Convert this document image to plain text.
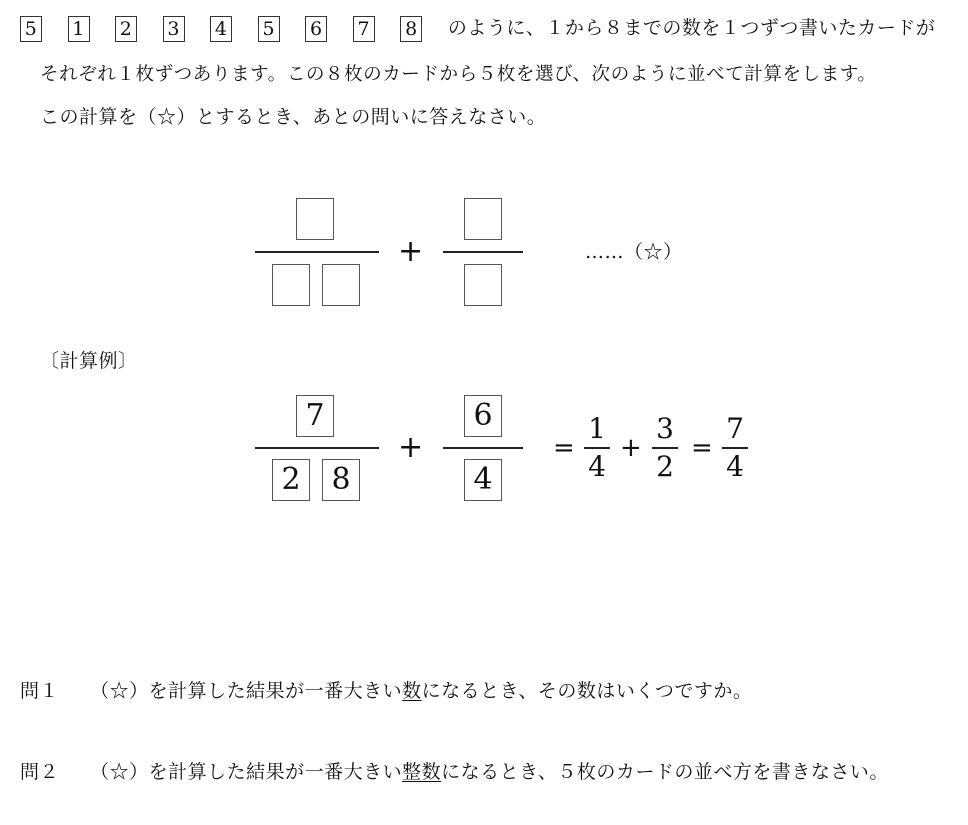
5 1 2 3 4 5 6 7 8 のように、１から８までの数を１つずつ書いたカードが
それぞれ１枚ずつあります。この８枚のカードから５枚を選び、次のように並べて計算をします。
この計算を（☆）とするとき、あとの問いに答えなさい。
+	……（☆）
〔計算例〕
7
2	8
+
6
4
=
1
4
+
3
2
=
7
4
問１ （☆）を計算した結果が一番大きい数になるとき、その数はいくつですか。
問２ （☆）を計算した結果が一番大きい整数になるとき、５枚のカードの並べ方を書きなさい。
